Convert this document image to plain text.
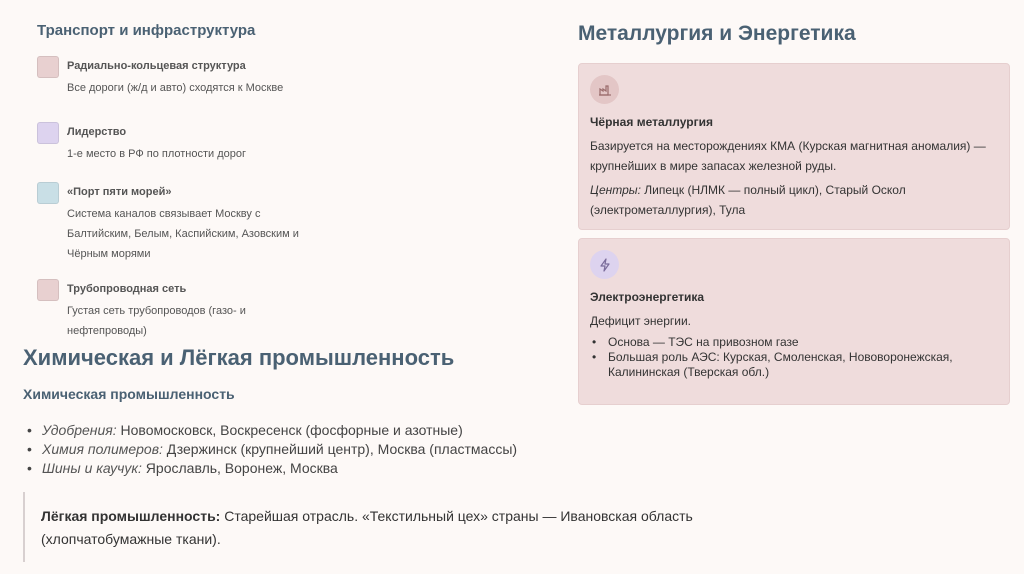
Транспорт и инфраструктура
Радиально-кольцевая структура
Все дороги (ж/д и авто) сходятся к Москве
Лидерство
1-е место в РФ по плотности дорог
«Порт пяти морей»
Система каналов связывает Москву с Балтийским, Белым, Каспийским, Азовским и Чёрным морями
Трубопроводная сеть
Густая сеть трубопроводов (газо- и нефтепроводы)
Металлургия и Энергетика
Чёрная металлургия
Базируется на месторождениях КМА (Курская магнитная аномалия) — крупнейших в мире запасах железной руды.
Центры: Липецк (НЛМК — полный цикл), Старый Оскол (электрометаллургия), Тула
Электроэнергетика
Дефицит энергии.
• Основа — ТЭС на привозном газе
• Большая роль АЭС: Курская, Смоленская, Нововоронежская, Калининская (Тверская обл.)
Химическая и Лёгкая промышленность
Химическая промышленность
• Удобрения: Новомосковск, Воскресенск (фосфорные и азотные)
• Химия полимеров: Дзержинск (крупнейший центр), Москва (пластмассы)
• Шины и каучук: Ярославль, Воронеж, Москва
Лёгкая промышленность: Старейшая отрасль. «Текстильный цех» страны — Ивановская область (хлопчатобумажные ткани).
